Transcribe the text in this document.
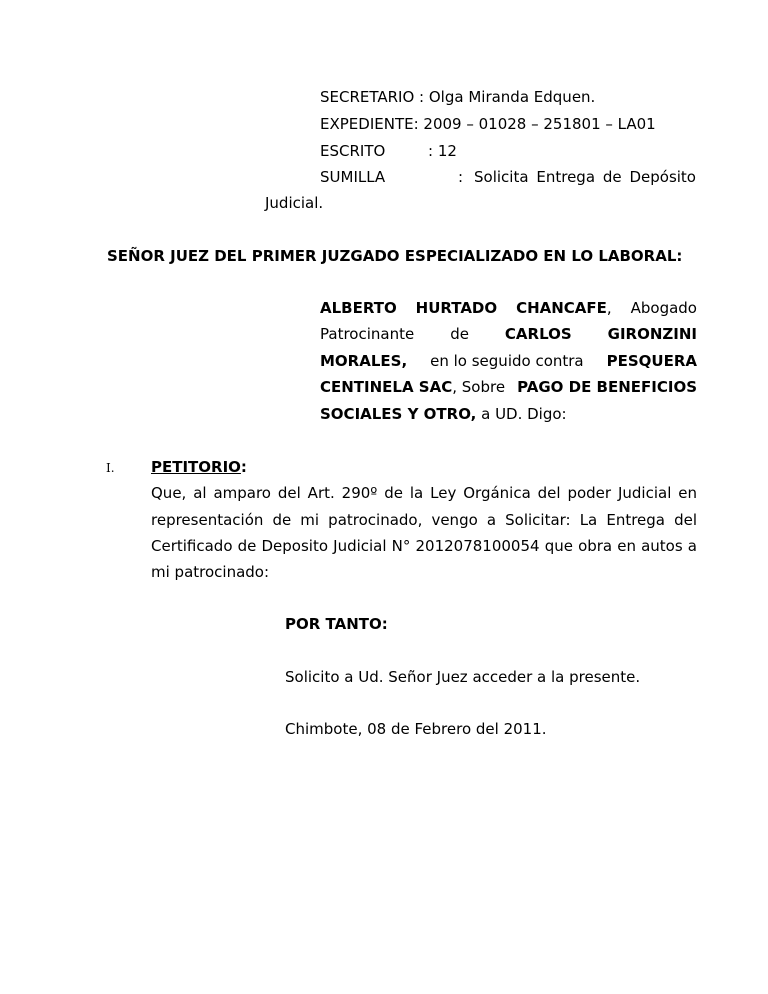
SECRETARIO : Olga Miranda Edquen.
EXPEDIENTE: 2009 – 01028 – 251801 – LA01
ESCRITO	: 12
SUMILLA	: Solicita Entrega de Depósito
Judicial.
SEÑOR JUEZ DEL PRIMER JUZGADO ESPECIALIZADO EN LO LABORAL:
ALBERTO HURTADO CHANCAFE, Abogado
Patrocinante de CARLOS GIRONZINI
MORALES, en lo seguido contra PESQUERA
CENTINELA SAC, Sobre PAGO DE BENEFICIOS
SOCIALES Y OTRO, a UD. Digo:
I. PETITORIO:
Que, al amparo del Art. 290º de la Ley Orgánica del poder Judicial en
representación de mi patrocinado, vengo a Solicitar: La Entrega del
Certificado de Deposito Judicial N° 2012078100054 que obra en autos a
mi patrocinado:
POR TANTO:
Solicito a Ud. Señor Juez acceder a la presente.
Chimbote, 08 de Febrero del 2011.
